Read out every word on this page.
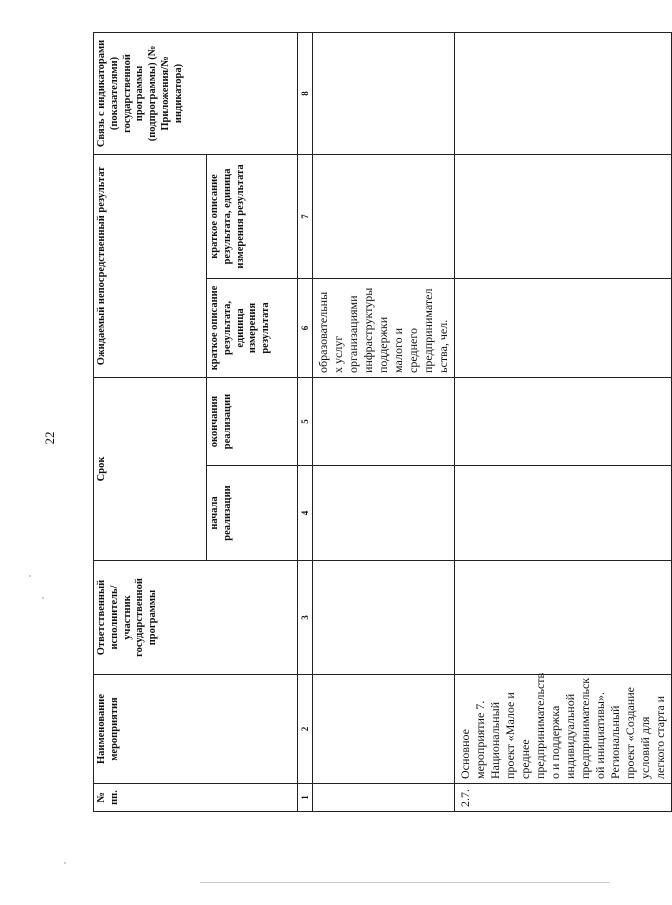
22
№ пп.	Наименование мероприятия	Ответственный исполнитель/участник государственной программы	Срок		Ожидаемый непосредственный результат		Связь с индикаторами (показателями) государственной программы (подпрограммы) (№ Приложения/№ индикатора)
			начала реализации	окончания реализации	краткое описание результата, единица измерения результата	краткое описание результата, единица измерения результата	
1	2	3	4	5	6	7	8
					образовательны х услуг организациями инфраструктуры поддержки малого и среднего предпринимател ьства, чел.		
2.7.	Основное мероприятие 7. Национальный проект «Малое и среднее предпринимательств о и поддержка индивидуальной предпринимательск ой инициативы». Региональный проект «Создание условий для легкого старта и						
